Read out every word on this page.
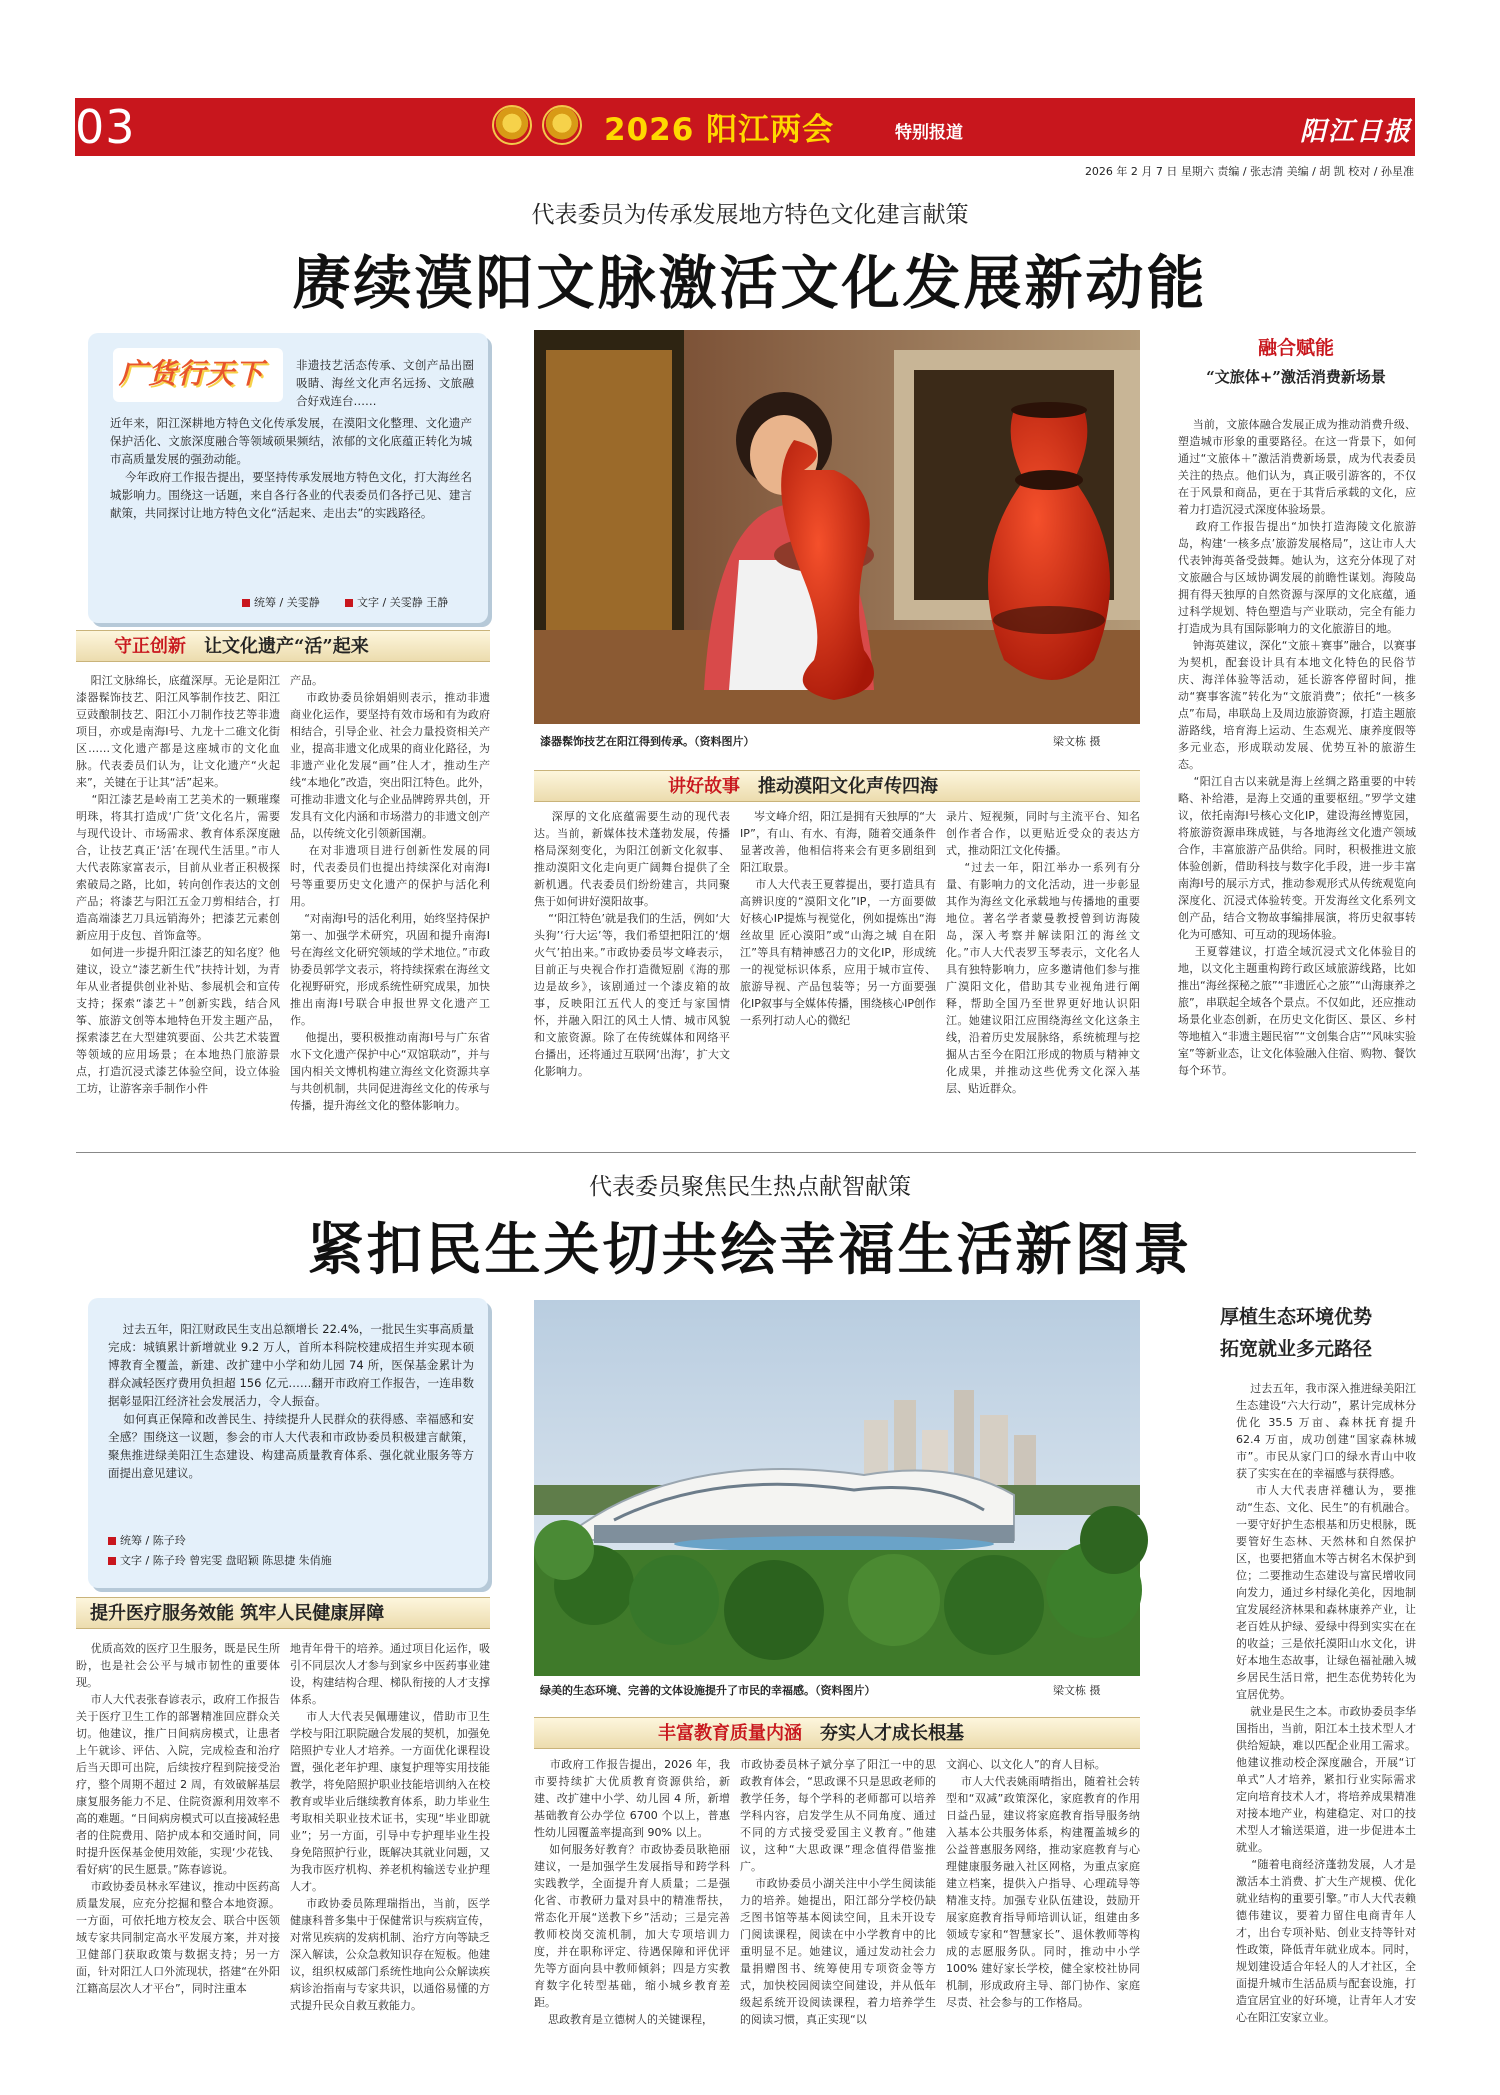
03	2026 阳江两会	特别报道	阳江日报
2026 年 2 月 7 日 星期六 责编 / 张志清 美编 / 胡 凯 校对 / 孙星准
代表委员为传承发展地方特色文化建言献策
赓续漠阳文脉激活文化发展新动能
广货行天下	非遗技艺活态传承、文创产品出圈吸睛、海丝文化声名远扬、文旅融合好戏连台……
近年来，阳江深耕地方特色文化传承发展，在漠阳文化整理、文化遗产保护活化、文旅深度融合等领域硕果频结，浓郁的文化底蕴正转化为城市高质量发展的强劲动能。
今年政府工作报告提出，要坚持传承发展地方特色文化，打大海丝名城影响力。围绕这一话题，来自各行各业的代表委员们各抒己见、建言献策，共同探讨让地方特色文化“活起来、走出去”的实践路径。
统筹 / 关雯静	文字 / 关雯静 王静
守正创新 让文化遗产“活”起来
阳江文脉绵长，底蕴深厚。无论是阳江漆器髹饰技艺、阳江风筝制作技艺、阳江豆豉酿制技艺、阳江小刀制作技艺等非遗项目，亦或是南海Ⅰ号、九龙十二碓文化街区……文化遗产都是这座城市的文化血脉。代表委员们认为，让文化遗产“火起来”，关键在于让其“活”起来。
“阳江漆艺是岭南工艺美术的一颗璀璨明珠，将其打造成‘广货’文化名片，需要与现代设计、市场需求、教育体系深度融合，让技艺真正‘活’在现代生活里。”市人大代表陈家富表示，目前从业者正积极探索破局之路，比如，转向创作表达的文创产品；将漆艺与阳江五金刀剪相结合，打造高端漆艺刀具远销海外；把漆艺元素创新应用于皮包、首饰盒等。
如何进一步提升阳江漆艺的知名度？他建议，设立“漆艺新生代”扶持计划，为青年从业者提供创业补贴、参展机会和宣传支持；探索“漆艺＋”创新实践，结合风筝、旅游文创等本地特色开发主题产品，探索漆艺在大型建筑要面、公共艺术装置等领域的应用场景；在本地热门旅游景点，打造沉浸式漆艺体验空间，设立体验工坊，让游客亲手制作小件
产品。
市政协委员徐娟娟则表示，推动非遗商业化运作，要坚持有效市场和有为政府相结合，引导企业、社会力量投资相关产业，提高非遗文化成果的商业化路径，为非遗产业化发展“画”住人才，推动生产线“本地化”改造，突出阳江特色。此外，可推动非遗文化与企业品牌跨界共创，开发具有文化内涵和市场潜力的非遗文创产品，以传统文化引领新国潮。
在对非遗项目进行创新性发展的同时，代表委员们也提出持续深化对南海Ⅰ号等重要历史文化遗产的保护与活化利用。
“对南海Ⅰ号的活化利用，始终坚持保护第一、加强学术研究，巩固和提升南海Ⅰ号在海丝文化研究领域的学术地位。”市政协委员郭学文表示，将持续探索在海丝文化视野研究，形成系统性研究成果，加快推出南海Ⅰ号联合申报世界文化遗产工作。
他提出，要积极推动南海Ⅰ号与广东省水下文化遗产保护中心“双馆联动”，并与国内相关文博机构建立海丝文化资源共享与共创机制，共同促进海丝文化的传承与传播，提升海丝文化的整体影响力。
漆器髹饰技艺在阳江得到传承。（资料图片）	梁文栋 摄
讲好故事 推动漠阳文化声传四海
深厚的文化底蕴需要生动的现代表达。当前，新媒体技术蓬勃发展，传播格局深刻变化，为阳江创新文化叙事、推动漠阳文化走向更广阔舞台提供了全新机遇。代表委员们纷纷建言，共同聚焦于如何讲好漠阳故事。
“‘阳江特色’就是我们的生活，例如‘大头狗’‘行大运’等，我们希望把阳江的‘烟火气’拍出来。”市政协委员岑文峰表示，目前正与央视合作打造微短剧《海的那边是故乡》，该剧通过一个漆皮箱的故事，反映阳江五代人的变迁与家国情怀，并融入阳江的风土人情、城市风貌和文旅资源。除了在传统媒体和网络平台播出，还将通过互联网‘出海’，扩大文化影响力。
岑文峰介绍，阳江是拥有天独厚的“大IP”，有山、有水、有海，随着交通条件显著改善，他相信将来会有更多剧组到阳江取景。
市人大代表王夏蓉提出，要打造具有高辨识度的“漠阳文化”IP，一方面要做好核心IP提炼与视觉化，例如提炼出“海丝故里 匠心漠阳”或“山海之城 自在阳江”等具有精神感召力的文化IP，形成统一的视觉标识体系，应用于城市宣传、旅游导视、产品包装等；另一方面要强化IP叙事与全媒体传播，围绕核心IP创作一系列打动人心的微纪
录片、短视频，同时与主流平台、知名创作者合作，以更贴近受众的表达方式，推动阳江文化传播。
“过去一年，阳江举办一系列有分量、有影响力的文化活动，进一步彰显其作为海丝文化承载地与传播地的重要地位。著名学者蒙曼教授曾到访海陵岛，深入考察并解读阳江的海丝文化。”市人大代表罗玉琴表示，文化名人具有独特影响力，应多邀请他们参与推广漠阳文化，借助其专业视角进行阐释，帮助全国乃至世界更好地认识阳江。她建议阳江应围绕海丝文化这条主线，沿着历史发展脉络，系统梳理与挖掘从古至今在阳江形成的物质与精神文化成果，并推动这些优秀文化深入基层、贴近群众。
融合赋能
“文旅体+”激活消费新场景
当前，文旅体融合发展正成为推动消费升级、塑造城市形象的重要路径。在这一背景下，如何通过“文旅体＋”激活消费新场景，成为代表委员关注的热点。他们认为，真正吸引游客的，不仅在于风景和商品，更在于其背后承载的文化，应着力打造沉浸式深度体验场景。
政府工作报告提出“加快打造海陵文化旅游岛，构建‘一核多点’旅游发展格局”，这让市人大代表钟海英备受鼓舞。她认为，这充分体现了对文旅融合与区域协调发展的前瞻性谋划。海陵岛拥有得天独厚的自然资源与深厚的文化底蕴，通过科学规划、特色塑造与产业联动，完全有能力打造成为具有国际影响力的文化旅游目的地。
钟海英建议，深化“文旅＋赛事”融合，以赛事为契机，配套设计具有本地文化特色的民俗节庆、海洋体验等活动，延长游客停留时间，推动“赛事客流”转化为“文旅消费”；依托“一核多点”布局，串联岛上及周边旅游资源，打造主题旅游路线，培育海上运动、生态观光、康养度假等多元业态，形成联动发展、优势互补的旅游生态。
“阳江自古以来就是海上丝绸之路重要的中转略、补给港，是海上交通的重要枢纽。”罗学文建议，依托南海Ⅰ号核心文化IP，建设海丝博览园，将旅游资源串珠成链，与各地海丝文化遗产领域合作，丰富旅游产品供给。同时，积极推进文旅体验创新，借助科技与数字化手段，进一步丰富南海Ⅰ号的展示方式，推动参观形式从传统观览向深度化、沉浸式体验转变。开发海丝文化系列文创产品，结合文物故事编排展演，将历史叙事转化为可感知、可互动的现场体验。
王夏蓉建议，打造全域沉浸式文化体验目的地，以文化主题重构跨行政区域旅游线路，比如推出“海丝探秘之旅”“非遗匠心之旅”“山海康养之旅”，串联起全域各个景点。不仅如此，还应推动场景化业态创新，在历史文化街区、景区、乡村等地植入“非遗主题民宿”“文创集合店”“风味实验室”等新业态，让文化体验融入住宿、购物、餐饮每个环节。
代表委员聚焦民生热点献智献策
紧扣民生关切共绘幸福生活新图景
过去五年，阳江财政民生支出总额增长 22.4%，一批民生实事高质量完成：城镇累计新增就业 9.2 万人，首所本科院校建成招生并实现本硕博教育全覆盖，新建、改扩建中小学和幼儿园 74 所，医保基金累计为群众减轻医疗费用负担超 156 亿元……翻开市政府工作报告，一连串数据彰显阳江经济社会发展活力，令人振奋。
如何真正保障和改善民生、持续提升人民群众的获得感、幸福感和安全感？围绕这一议题，参会的市人大代表和市政协委员积极建言献策，聚焦推进绿美阳江生态建设、构建高质量教育体系、强化就业服务等方面提出意见建议。
统筹 / 陈子玲
文字 / 陈子玲 曾宪雯 盘昭颖 陈思捷 朱俏施
提升医疗服务效能 筑牢人民健康屏障
优质高效的医疗卫生服务，既是民生所盼，也是社会公平与城市韧性的重要体现。
市人大代表张春谚表示，政府工作报告关于医疗卫生工作的部署精准回应群众关切。他建议，推广日间病房模式，让患者上午就诊、评估、入院，完成检查和治疗后当天即可出院，后续按疗程到院接受治疗，整个周期不超过 2 周，有效破解基层康复服务能力不足、住院资源利用效率不高的难题。“日间病房模式可以直接减轻患者的住院费用、陪护成本和交通时间，同时提升医保基金使用效能，实现‘少花钱、看好病’的民生愿景。”陈春谚说。
市政协委员林永军建议，推动中医药高质量发展，应充分挖掘和整合本地资源。一方面，可依托地方校友会、联合中医领域专家共同制定高水平发展方案，并对接卫健部门获取政策与数据支持；另一方面，针对阳江人口外流现状，搭建“在外阳江籍高层次人才平台”，同时注重本
地青年骨干的培养。通过项目化运作，吸引不同层次人才参与到家乡中医药事业建设，构建结构合理、梯队衔接的人才支撑体系。
市人大代表吴佩珊建议，借助市卫生学校与阳江职院融合发展的契机，加强免陪照护专业人才培养。一方面优化课程设置，强化老年护理、康复护理等实用技能教学，将免陪照护职业技能培训纳入在校教育或毕业后继续教育体系，助力毕业生考取相关职业技术证书，实现“毕业即就业”；另一方面，引导中专护理毕业生投身免陪照护行业，既解决其就业问题，又为我市医疗机构、养老机构输送专业护理人才。
市政协委员陈理瑞指出，当前，医学健康科普多集中于保健常识与疾病宣传，对常见疾病的发病机制、治疗方向等缺乏深入解读，公众急救知识存在短板。他建议，组织权威部门系统性地向公众解读疾病诊治指南与专家共识，以通俗易懂的方式提升民众自救互救能力。
绿美的生态环境、完善的文体设施提升了市民的幸福感。（资料图片）	梁文栋 摄
丰富教育质量内涵 夯实人才成长根基
市政府工作报告提出，2026 年，我市要持续扩大优质教育资源供给，新建、改扩建中小学、幼儿园 4 所，新增基础教育公办学位 6700 个以上，普惠性幼儿园覆盖率提高到 90% 以上。
如何服务好教育？市政协委员耿艳丽建议，一是加强学生发展指导和跨学科实践教学，全面提升育人质量；二是强化省、市教研力量对县中的精准帮扶，常态化开展“送教下乡”活动；三是完善教师校岗交流机制，加大专项培训力度，并在职称评定、待遇保障和评优评先等方面向县中教师倾斜；四是方实教育数字化转型基础，缩小城乡教育差距。
思政教育是立德树人的关键课程，
市政协委员林子斌分享了阳江一中的思政教育体会，“思政课不只是思政老师的教学任务，每个学科的老师都可以培养学科内容，启发学生从不同角度、通过不同的方式接受爱国主义教育。”他建议，这种“大思政课”理念值得借鉴推广。
市政协委员小湖关注中小学生阅读能力的培养。她提出，阳江部分学校仍缺乏图书馆等基本阅读空间，且未开设专门阅读课程，阅读在中小学教育中的比重明显不足。她建议，通过发动社会力量捐赠图书、统筹使用专项资金等方式，加快校园阅读空间建设，并从低年级起系统开设阅读课程，着力培养学生的阅读习惯，真正实现“以
文润心、以文化人”的育人目标。
市人大代表姚雨晴指出，随着社会转型和“双减”政策深化，家庭教育的作用日益凸显，建议将家庭教育指导服务纳入基本公共服务体系，构建覆盖城乡的公益普惠服务网络，推动家庭教育与心理健康服务融入社区网格，为重点家庭建立档案，提供入户指导、心理疏导等精准支持。加强专业队伍建设，鼓励开展家庭教育指导师培训认证，组建由多领域专家和“智慧家长”、退休教师等构成的志愿服务队。同时，推动中小学 100% 建好家长学校，健全家校社协同机制，形成政府主导、部门协作、家庭尽责、社会参与的工作格局。
厚植生态环境优势
拓宽就业多元路径
过去五年，我市深入推进绿美阳江生态建设“六大行动”，累计完成林分优化 35.5 万亩、森林抚育提升 62.4 万亩，成功创建“国家森林城市”。市民从家门口的绿水青山中收获了实实在在的幸福感与获得感。
市人大代表唐祥穗认为，要推动“生态、文化、民生”的有机融合。一要守好护生态根基和历史根脉，既要管好生态林、天然林和自然保护区，也要把猪血木等古树名木保护到位；二要推动生态建设与富民增收同向发力，通过乡村绿化美化，因地制宜发展经济林果和森林康养产业，让老百姓从护绿、爱绿中得到实实在在的收益；三是依托漠阳山水文化，讲好本地生态故事，让绿色福祉融入城乡居民生活日常，把生态优势转化为宜居优势。
就业是民生之本。市政协委员李华国指出，当前，阳江本土技术型人才供给短缺，难以匹配企业用工需求。他建议推动校企深度融合，开展“订单式”人才培养，紧扣行业实际需求定向培育技术人才，将培养成果精准对接本地产业，构建稳定、对口的技术型人才输送渠道，进一步促进本土就业。
“随着电商经济蓬勃发展，人才是激活本土消费、扩大生产规模、优化就业结构的重要引擎。”市人大代表赖德伟建议，要着力留住电商青年人才，出台专项补贴、创业支持等针对性政策，降低青年就业成本。同时，规划建设适合年轻人的人才社区，全面提升城市生活品质与配套设施，打造宜居宜业的好环境，让青年人才安心在阳江安家立业。
